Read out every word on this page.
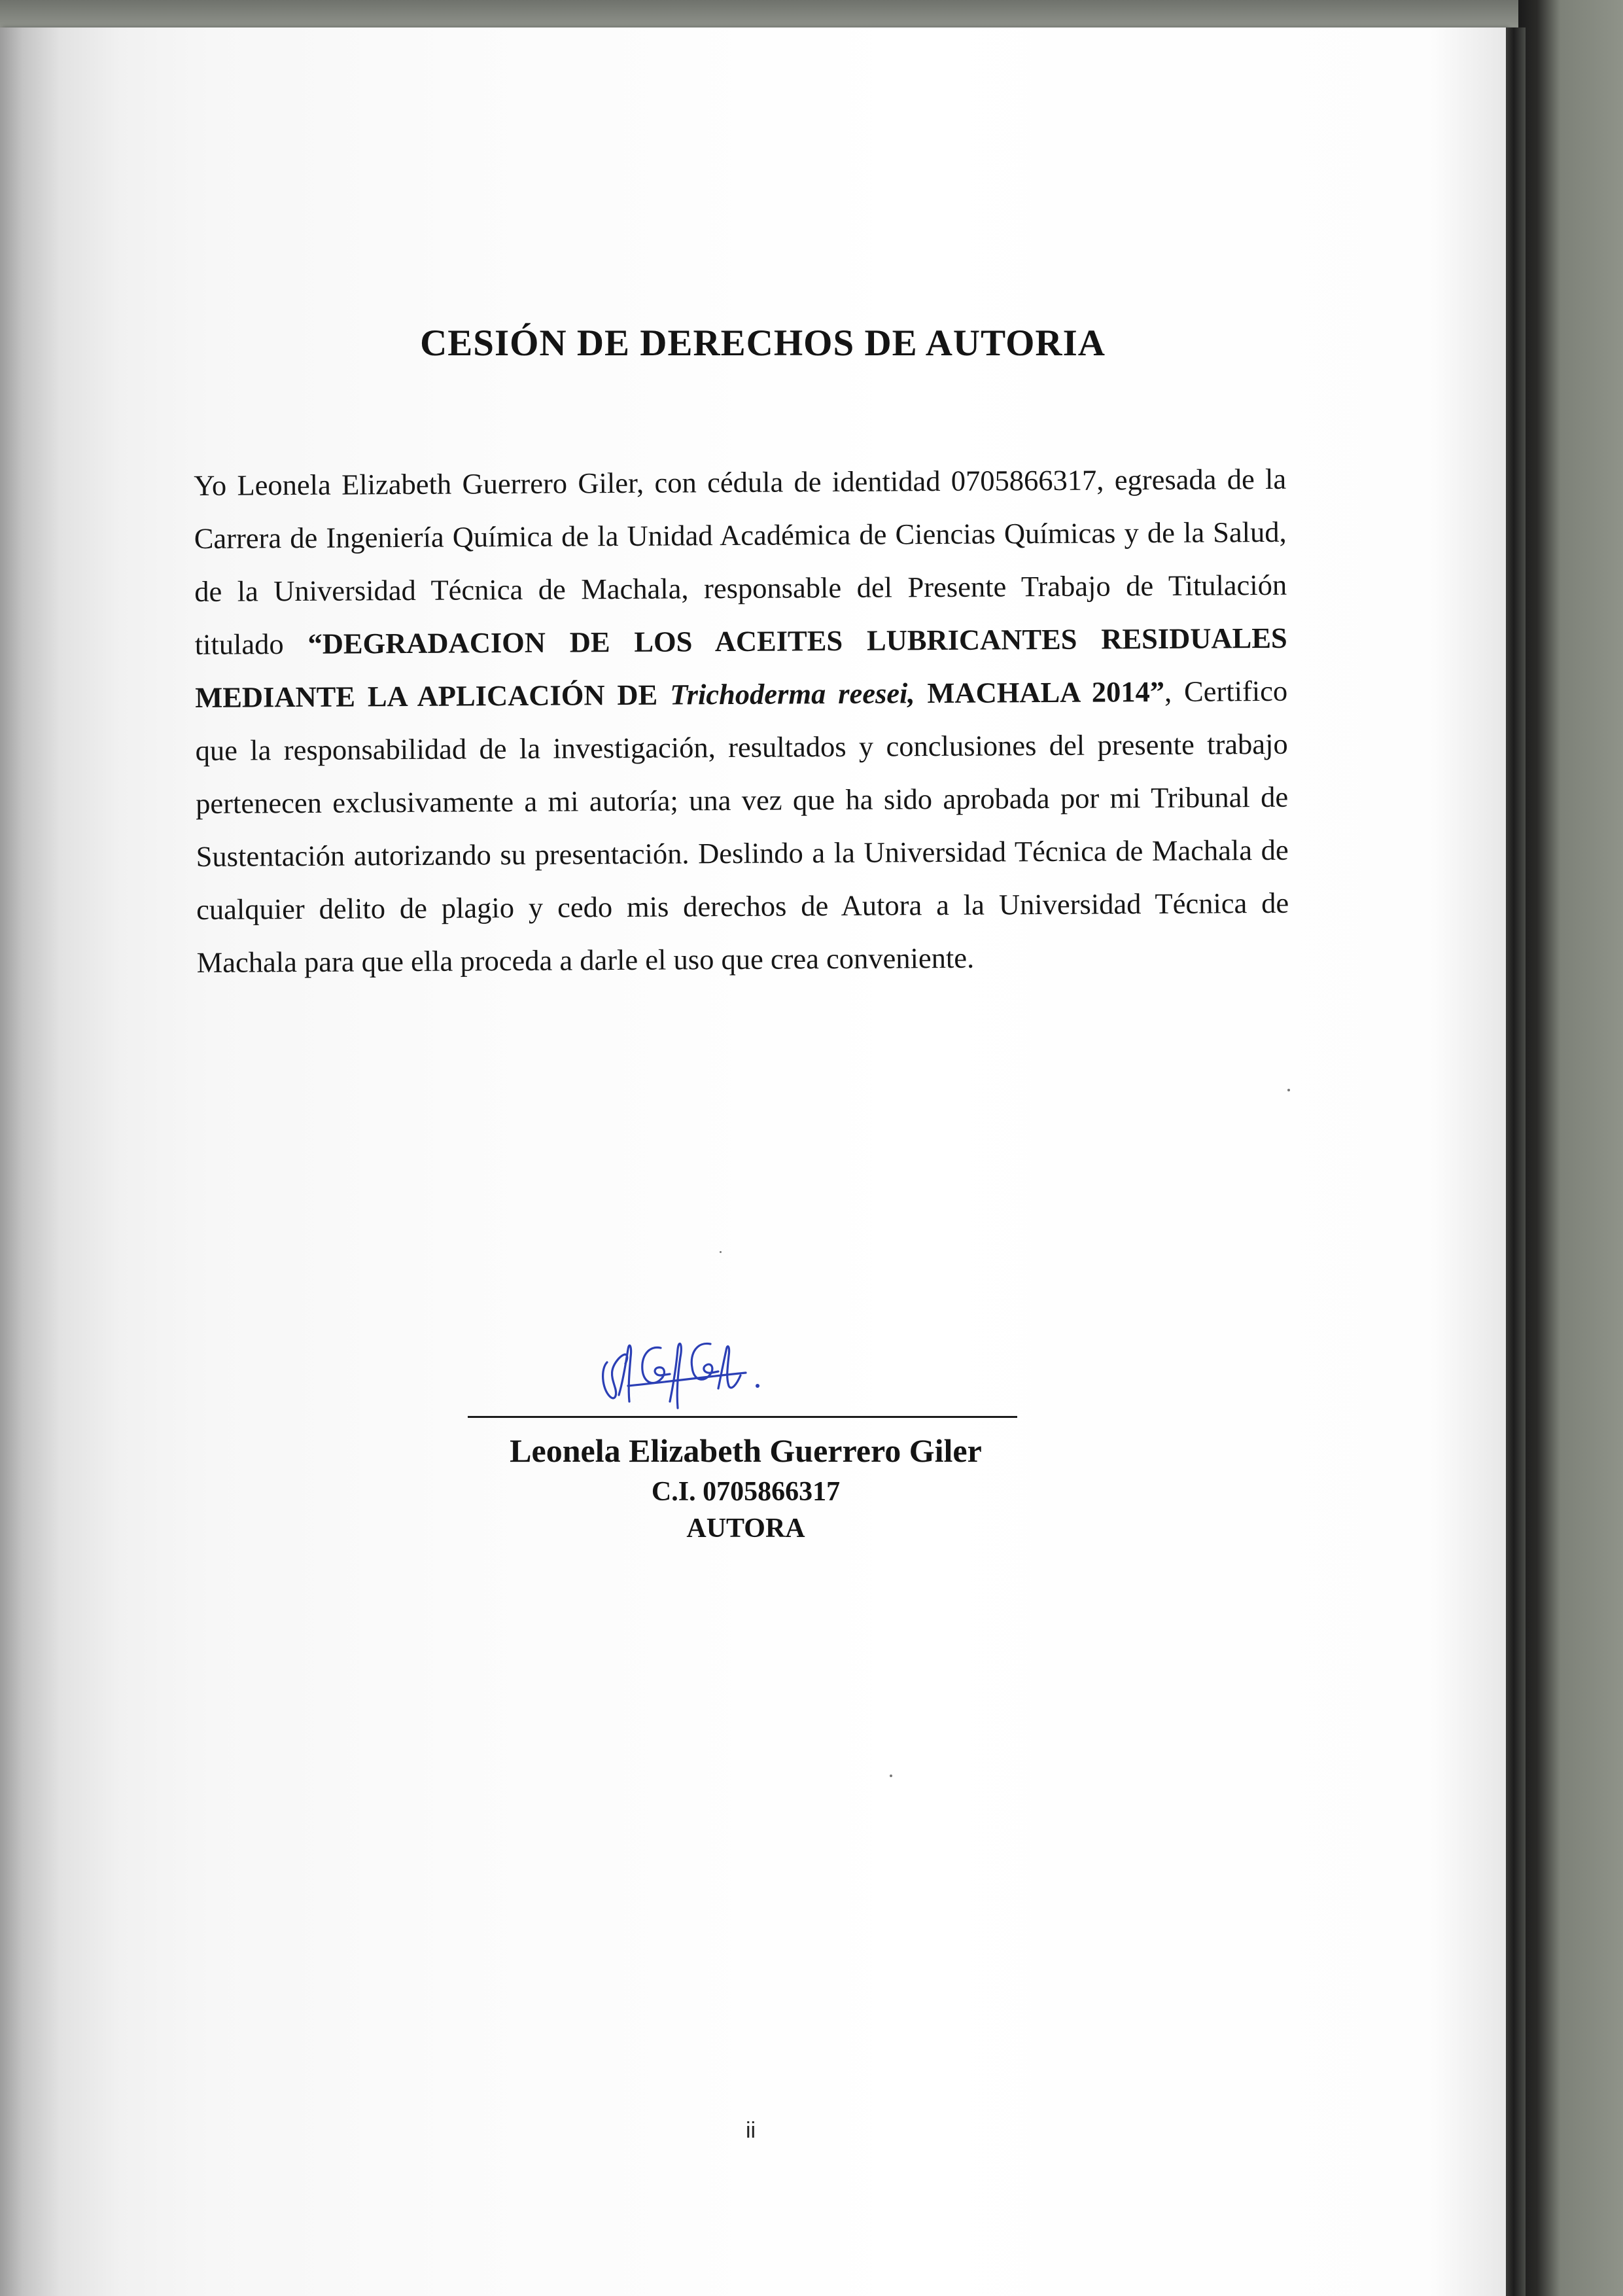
CESIÓN DE DERECHOS DE AUTORIA

Yo Leonela Elizabeth Guerrero Giler, con cédula de identidad 0705866317, egresada de la Carrera de Ingeniería Química de la Unidad Académica de Ciencias Químicas y de la Salud, de la Universidad Técnica de Machala, responsable del Presente Trabajo de Titulación titulado “DEGRADACION DE LOS ACEITES LUBRICANTES RESIDUALES MEDIANTE LA APLICACIÓN DE Trichoderma reesei, MACHALA 2014”, Certifico que la responsabilidad de la investigación, resultados y conclusiones del presente trabajo pertenecen exclusivamente a mi autoría; una vez que ha sido aprobada por mi Tribunal de Sustentación autorizando su presentación. Deslindo a la Universidad Técnica de Machala de cualquier delito de plagio y cedo mis derechos de Autora a la Universidad Técnica de Machala para que ella proceda a darle el uso que crea conveniente.

Leonela Elizabeth Guerrero Giler
C.I. 0705866317
AUTORA
ii
